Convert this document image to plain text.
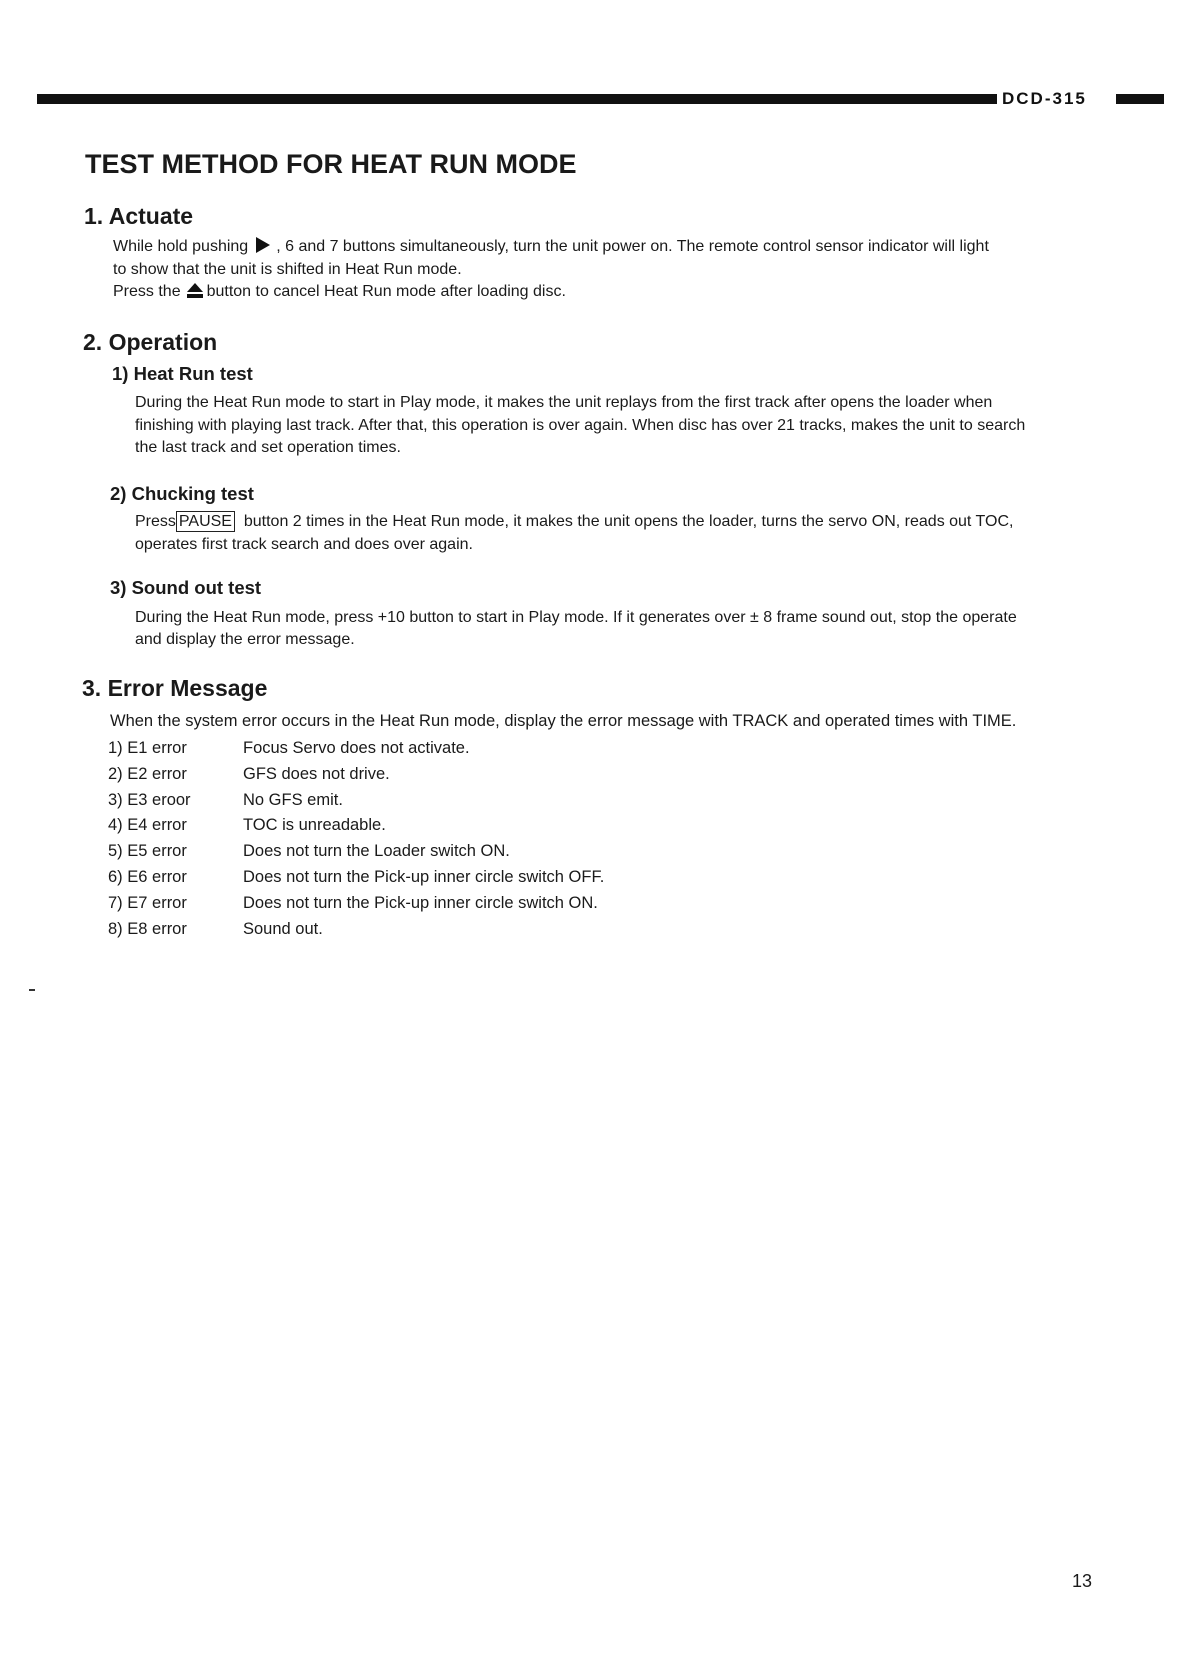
DCD-315
TEST METHOD FOR HEAT RUN MODE
1. Actuate

While hold pushing , 6 and 7 buttons simultaneously, turn the unit power on. The remote control sensor indicator will light

to show that the unit is shifted in Heat Run mode.

Press the button to cancel Heat Run mode after loading disc.

2. Operation
1) Heat Run test

During the Heat Run mode to start in Play mode, it makes the unit replays from the first track after opens the loader when

finishing with playing last track. After that, this operation is over again. When disc has over 21 tracks, makes the unit to search

the last track and set operation times.

2) Chucking test

Press PAUSE button 2 times in the Heat Run mode, it makes the unit opens the loader, turns the servo ON, reads out TOC,

operates first track search and does over again.

3) Sound out test

During the Heat Run mode, press +10 button to start in Play mode. If it generates over ± 8 frame sound out, stop the operate

and display the error message.

3. Error Message

When the system error occurs in the Heat Run mode, display the error message with TRACK and operated times with TIME.

1) E1 error	Focus Servo does not activate.
2) E2 error	GFS does not drive.
3) E3 eroor	No GFS emit.
4) E4 error	TOC is unreadable.
5) E5 error	Does not turn the Loader switch ON.
6) E6 error	Does not turn the Pick-up inner circle switch OFF.
7) E7 error	Does not turn the Pick-up inner circle switch ON.
8) E8 error	Sound out.
13
